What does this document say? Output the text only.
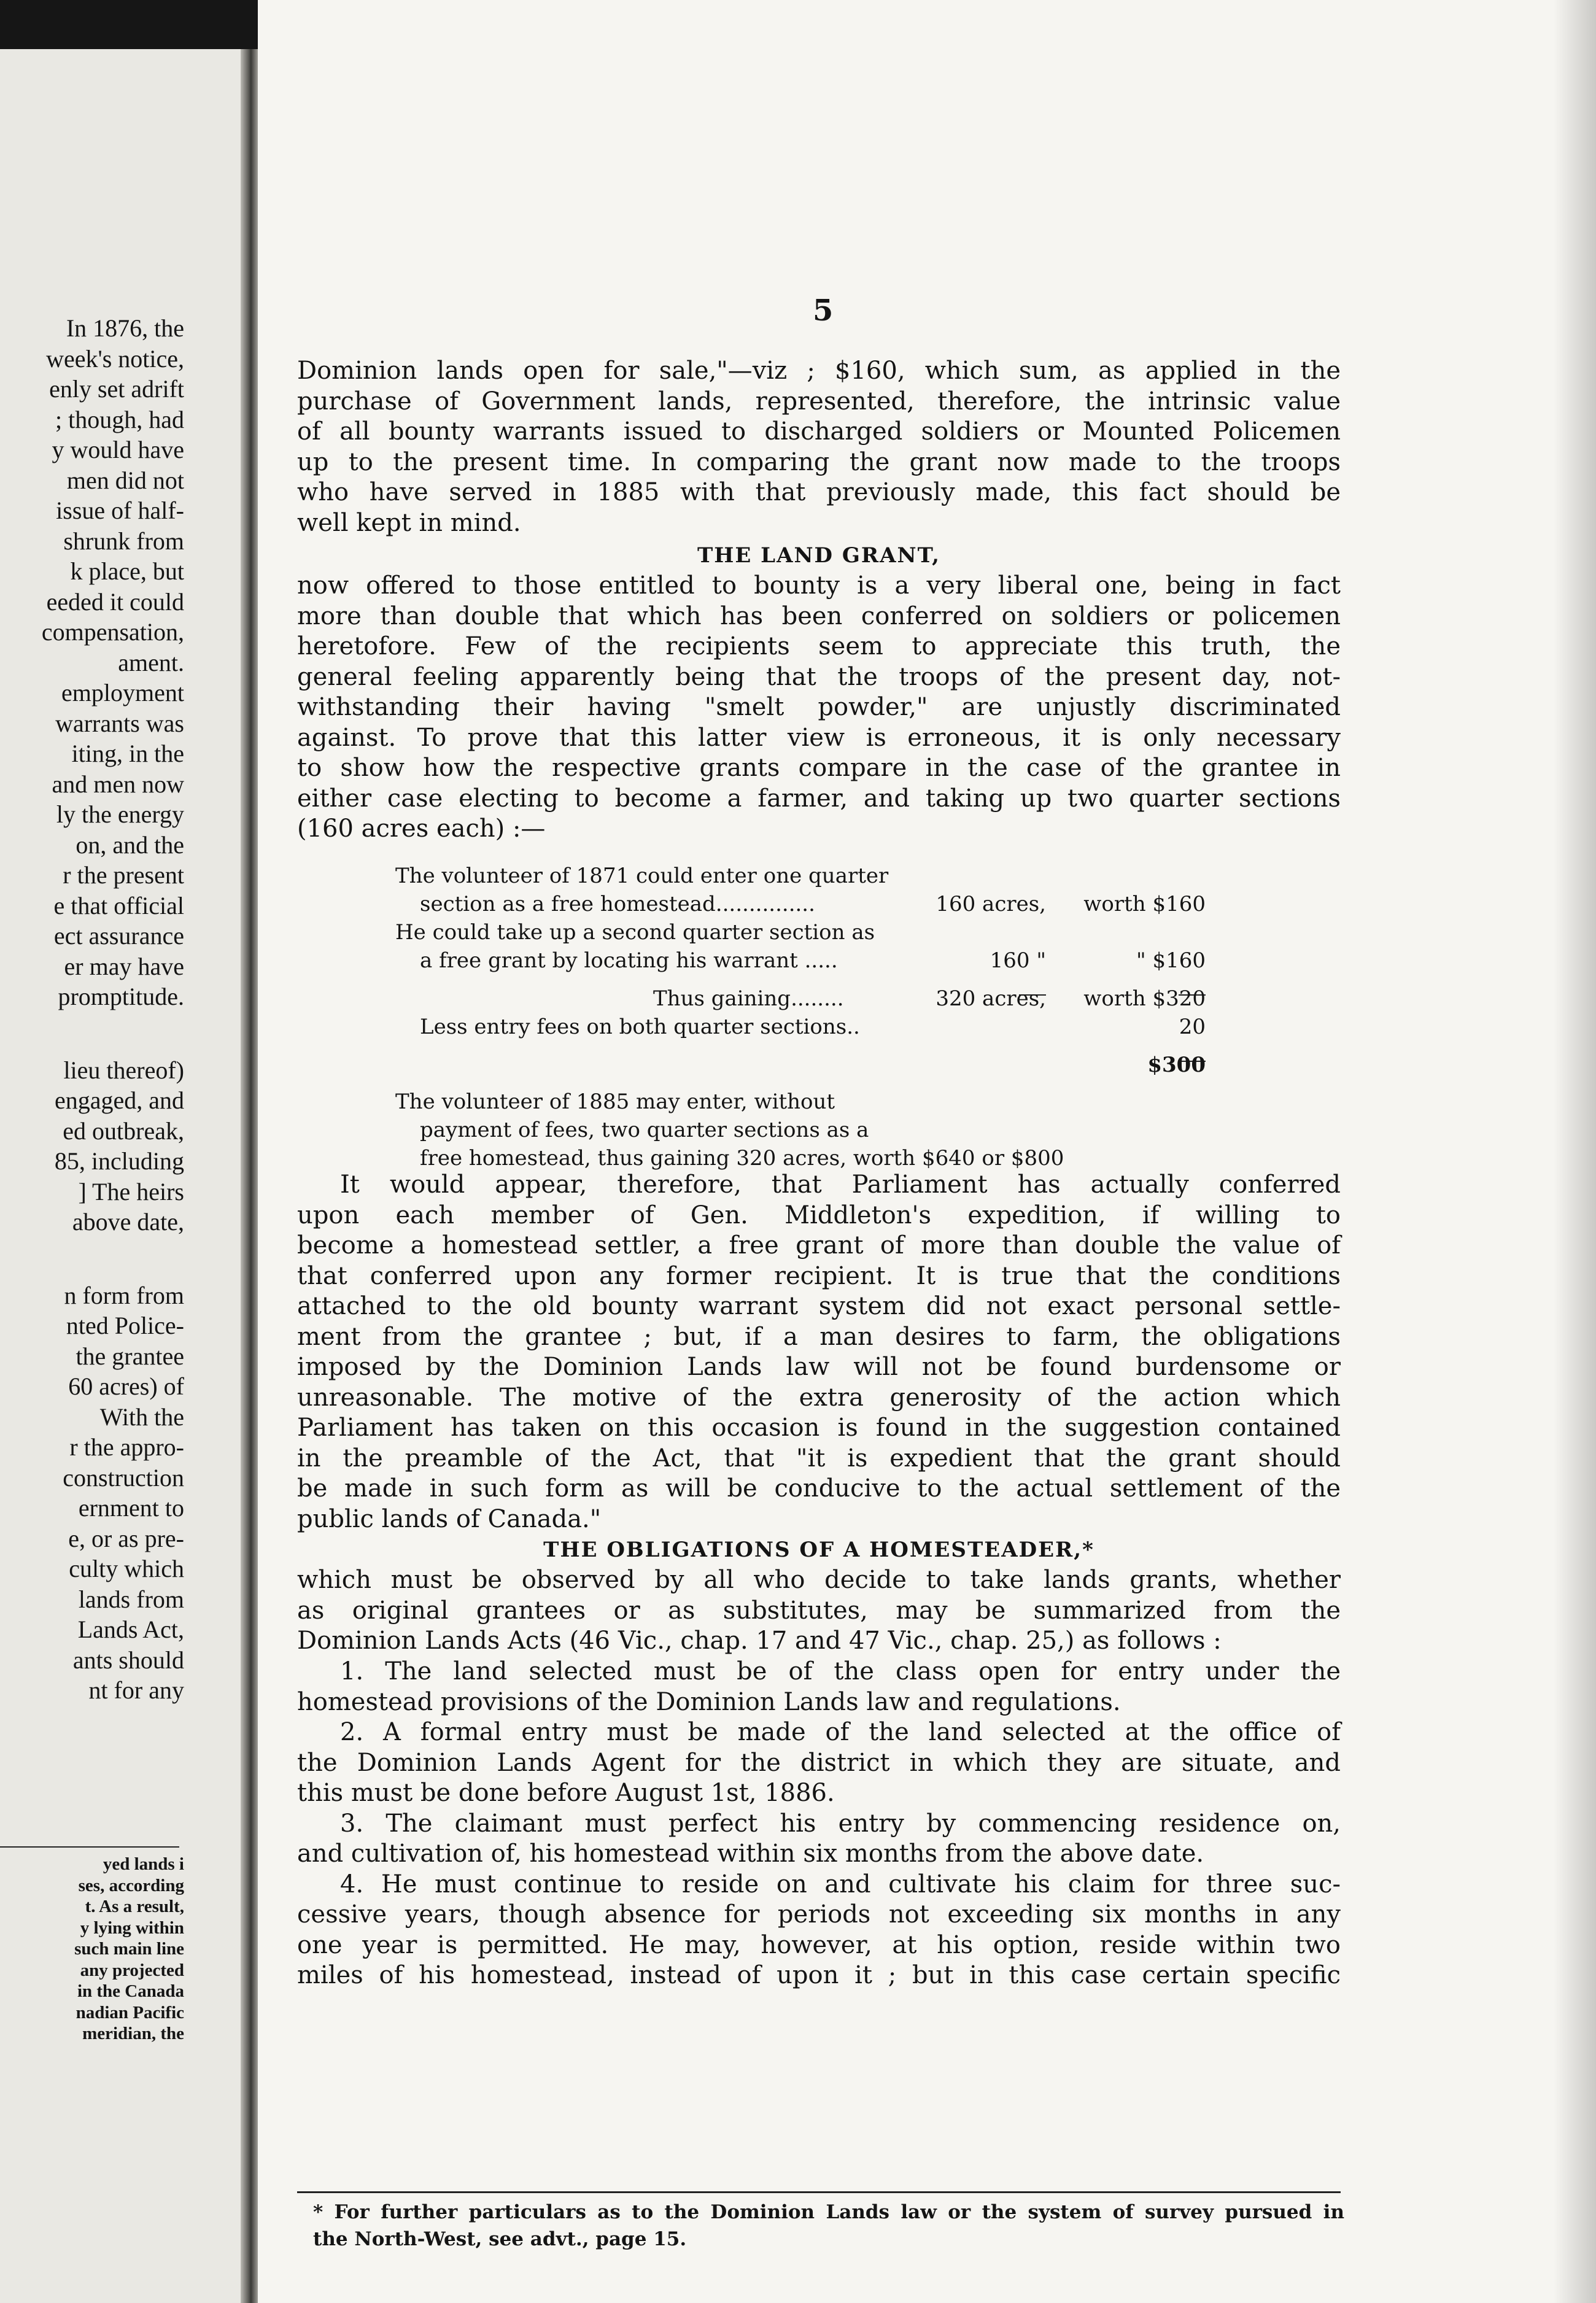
In 1876, the
week's notice,
enly set adrift
; though, had
y would have
men did not
issue of half-
shrunk from
k place, but
eeded it could
compensation,
ament.
employment
warrants was
iting, in the
and men now
ly the energy
on, and the
r the present
e that official
ect assurance
er may have
promptitude.
lieu thereof)
engaged, and
ed outbreak,
85, including
] The heirs
above date,
n form from
nted Police-
the grantee
60 acres) of
With the
r the appro-
construction
ernment to
e, or as pre-
culty which
lands from
Lands Act,
ants should
nt for any
yed lands i
ses, according
t. As a result,
y lying within
such main line
any projected
in the Canada
nadian Pacific
meridian, the
5
Dominion lands open for sale,"—viz ; $160, which sum, as applied in the
purchase of Government lands, represented, therefore, the intrinsic value
of all bounty warrants issued to discharged soldiers or Mounted Policemen
up to the present time. In comparing the grant now made to the troops
who have served in 1885 with that previously made, this fact should be
well kept in mind.
THE LAND GRANT,
now offered to those entitled to bounty is a very liberal one, being in fact
more than double that which has been conferred on soldiers or policemen
heretofore. Few of the recipients seem to appreciate this truth, the
general feeling apparently being that the troops of the present day, not-
withstanding their having "smelt powder," are unjustly discriminated
against. To prove that this latter view is erroneous, it is only necessary
to show how the respective grants compare in the case of the grantee in
either case electing to become a farmer, and taking up two quarter sections
(160 acres each) :—
The volunteer of 1871 could enter one quarter
section as a free homestead...............	160 acres,	worth $160
He could take up a second quarter section as
a free grant by locating his warrant .....	160 "	" $160
Thus gaining........	320 acres,	worth $320
Less entry fees on both quarter sections..	20
$300
The volunteer of 1885 may enter, without
payment of fees, two quarter sections as a
free homestead, thus gaining 320 acres, worth $640 or $800
It would appear, therefore, that Parliament has actually conferred
upon each member of Gen. Middleton's expedition, if willing to
become a homestead settler, a free grant of more than double the value of
that conferred upon any former recipient. It is true that the conditions
attached to the old bounty warrant system did not exact personal settle-
ment from the grantee ; but, if a man desires to farm, the obligations
imposed by the Dominion Lands law will not be found burdensome or
unreasonable. The motive of the extra generosity of the action which
Parliament has taken on this occasion is found in the suggestion contained
in the preamble of the Act, that "it is expedient that the grant should
be made in such form as will be conducive to the actual settlement of the
public lands of Canada."
THE OBLIGATIONS OF A HOMESTEADER,*
which must be observed by all who decide to take lands grants, whether
as original grantees or as substitutes, may be summarized from the
Dominion Lands Acts (46 Vic., chap. 17 and 47 Vic., chap. 25,) as follows :
1. The land selected must be of the class open for entry under the
homestead provisions of the Dominion Lands law and regulations.
2. A formal entry must be made of the land selected at the office of
the Dominion Lands Agent for the district in which they are situate, and
this must be done before August 1st, 1886.
3. The claimant must perfect his entry by commencing residence on,
and cultivation of, his homestead within six months from the above date.
4. He must continue to reside on and cultivate his claim for three suc-
cessive years, though absence for periods not exceeding six months in any
one year is permitted. He may, however, at his option, reside within two
miles of his homestead, instead of upon it ; but in this case certain specific
* For further particulars as to the Dominion Lands law or the system of survey pursued in
the North-West, see advt., page 15.
